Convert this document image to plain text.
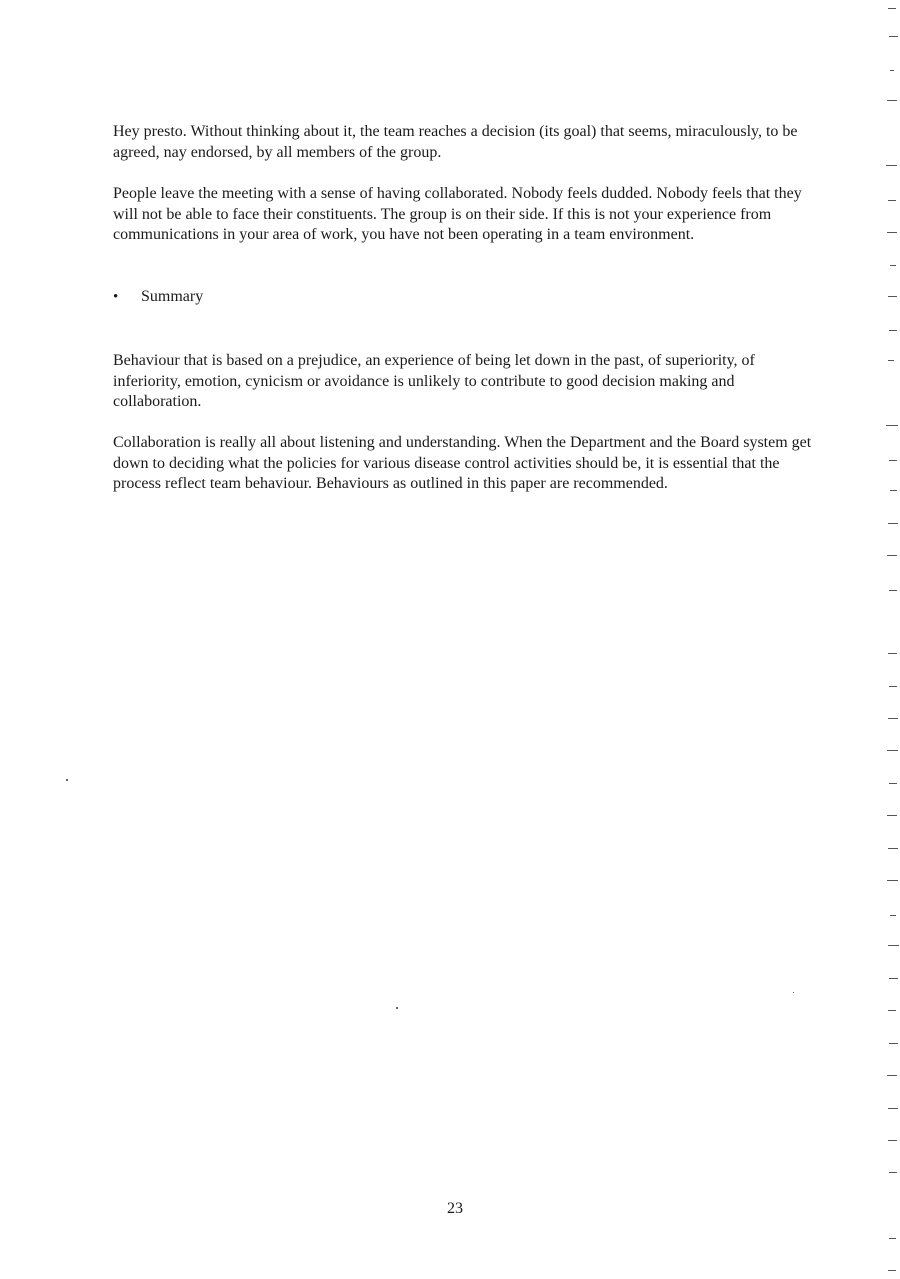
Hey presto. Without thinking about it, the team reaches a decision (its goal) that seems, miraculously, to be agreed, nay endorsed, by all members of the group.

People leave the meeting with a sense of having collaborated. Nobody feels dudded. Nobody feels that they will not be able to face their constituents. The group is on their side. If this is not your experience from communications in your area of work, you have not been operating in a team environment.

•	Summary

Behaviour that is based on a prejudice, an experience of being let down in the past, of superiority, of inferiority, emotion, cynicism or avoidance is unlikely to contribute to good decision making and collaboration.

Collaboration is really all about listening and understanding. When the Department and the Board system get down to deciding what the policies for various disease control activities should be, it is essential that the process reflect team behaviour. Behaviours as outlined in this paper are recommended.

23
